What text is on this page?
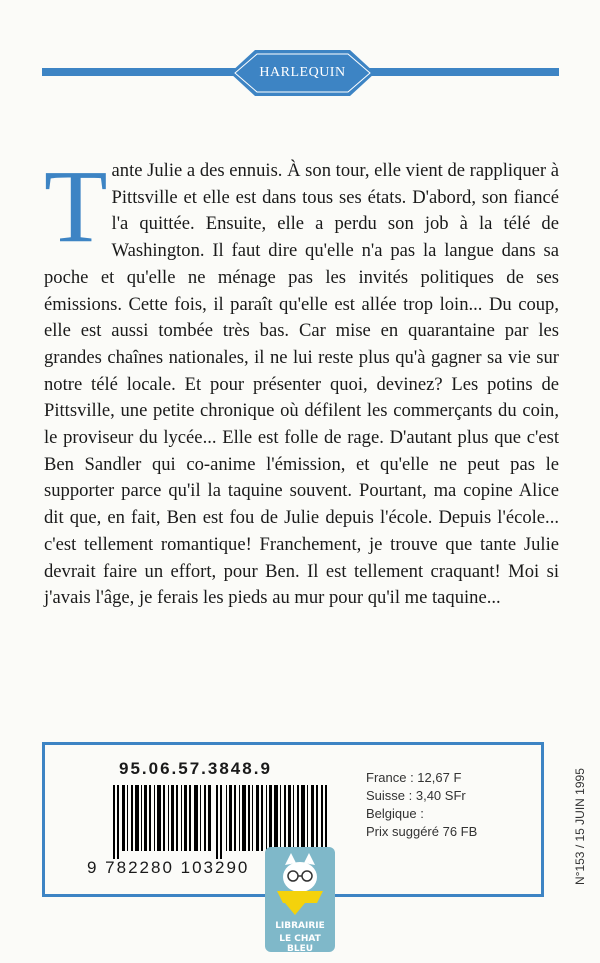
HARLEQUIN
Tante Julie a des ennuis. À son tour, elle vient de rappliquer à Pittsville et elle est dans tous ses états. D'abord, son fiancé l'a quittée. Ensuite, elle a perdu son job à la télé de Washington. Il faut dire qu'elle n'a pas la langue dans sa poche et qu'elle ne ménage pas les invités politiques de ses émissions. Cette fois, il paraît qu'elle est allée trop loin... Du coup, elle est aussi tombée très bas. Car mise en quarantaine par les grandes chaînes nationales, il ne lui reste plus qu'à gagner sa vie sur notre télé locale. Et pour présenter quoi, devinez? Les potins de Pittsville, une petite chronique où défilent les commerçants du coin, le proviseur du lycée... Elle est folle de rage. D'autant plus que c'est Ben Sandler qui co-anime l'émission, et qu'elle ne peut pas le supporter parce qu'il la taquine souvent. Pourtant, ma copine Alice dit que, en fait, Ben est fou de Julie depuis l'école. Depuis l'école... c'est tellement romantique! Franchement, je trouve que tante Julie devrait faire un effort, pour Ben. Il est tellement craquant! Moi si j'avais l'âge, je ferais les pieds au mur pour qu'il me taquine...
95.06.57.3848.9
9 782280 103290
France : 12,67 F
Suisse : 3,40 SFr
Belgique :
Prix suggéré 76 FB	N°153 / 15 JUIN 1995
LIBRAIRIE
LE CHAT BLEU
